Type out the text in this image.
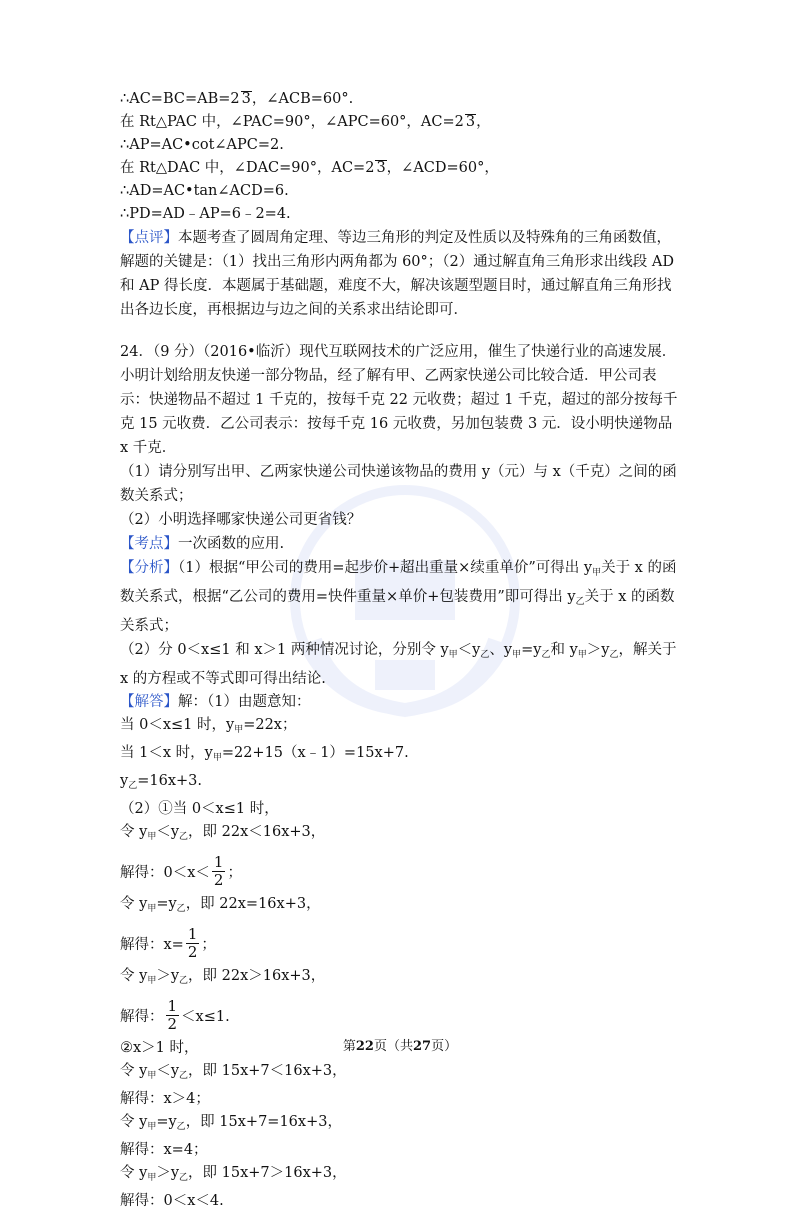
∴AC=BC=AB=2 3，∠ACB=60°.
在 Rt△PAC 中，∠PAC=90°，∠APC=60°，AC=2 3，
∴AP=AC•cot∠APC=2.
在 Rt△DAC 中，∠DAC=90°，AC=2 3，∠ACD=60°，
∴AD=AC•tan∠ACD=6.
∴PD=AD﹣AP=6﹣2=4.
【点评】本题考查了圆周角定理、等边三角形的判定及性质以及特殊角的三角函数值，解题的关键是：（1）找出三角形内两角都为 60°；（2）通过解直角三角形求出线段 AD 和 AP 得长度．本题属于基础题，难度不大，解决该题型题目时，通过解直角三角形找出各边长度，再根据边与边之间的关系求出结论即可．
24．（9 分）（2016•临沂）现代互联网技术的广泛应用，催生了快递行业的高速发展．小明计划给朋友快递一部分物品，经了解有甲、乙两家快递公司比较合适．甲公司表示：快递物品不超过 1 千克的，按每千克 22 元收费；超过 1 千克，超过的部分按每千克 15 元收费．乙公司表示：按每千克 16 元收费，另加包装费 3 元．设小明快递物品 x 千克．
（1）请分别写出甲、乙两家快递公司快递该物品的费用 y（元）与 x（千克）之间的函数关系式；
（2）小明选择哪家快递公司更省钱？
【考点】一次函数的应用.
【分析】（1）根据“甲公司的费用=起步价+超出重量×续重单价”可得出 $y_甲$关于 x 的函数关系式，根据“乙公司的费用=快件重量×单价+包装费用”即可得出 $y_乙$关于 x 的函数关系式；
（2）分 0＜x≤1 和 x＞1 两种情况讨论，分别令 $y_甲<y_乙$、$y_甲=y_乙$和 $y_甲>y_乙$，解关于 x 的方程或不等式即可得出结论.
【解答】解：（1）由题意知：
当 0＜x≤1 时，$y_甲=22x$；
当 1＜x 时，$y_甲=22+15(x﹣1)=15x+7$.
$y_乙=16x+3$.
（2）①当 0＜x≤1 时，
令 $y_甲<y_乙$，即 22x＜16x+3，
解得：$0<x< \frac{1}{2}$ ；
令 $y_甲=y_乙$，即 22x=16x+3，
解得：$x= \frac{1}{2}$ ；
令 $y_甲>y_乙$，即 22x＞16x+3，
解得： $\frac{1}{2} <x\le 1$.
②x＞1 时，
令 $y_甲<y_乙$，即 15x+7＜16x+3，
解得：x＞4；
令 $y_甲=y_乙$，即 15x+7=16x+3，
解得：x=4；
令 $y_甲>y_乙$，即 15x+7＞16x+3，
解得：0＜x＜4.
第22页（共27页）
